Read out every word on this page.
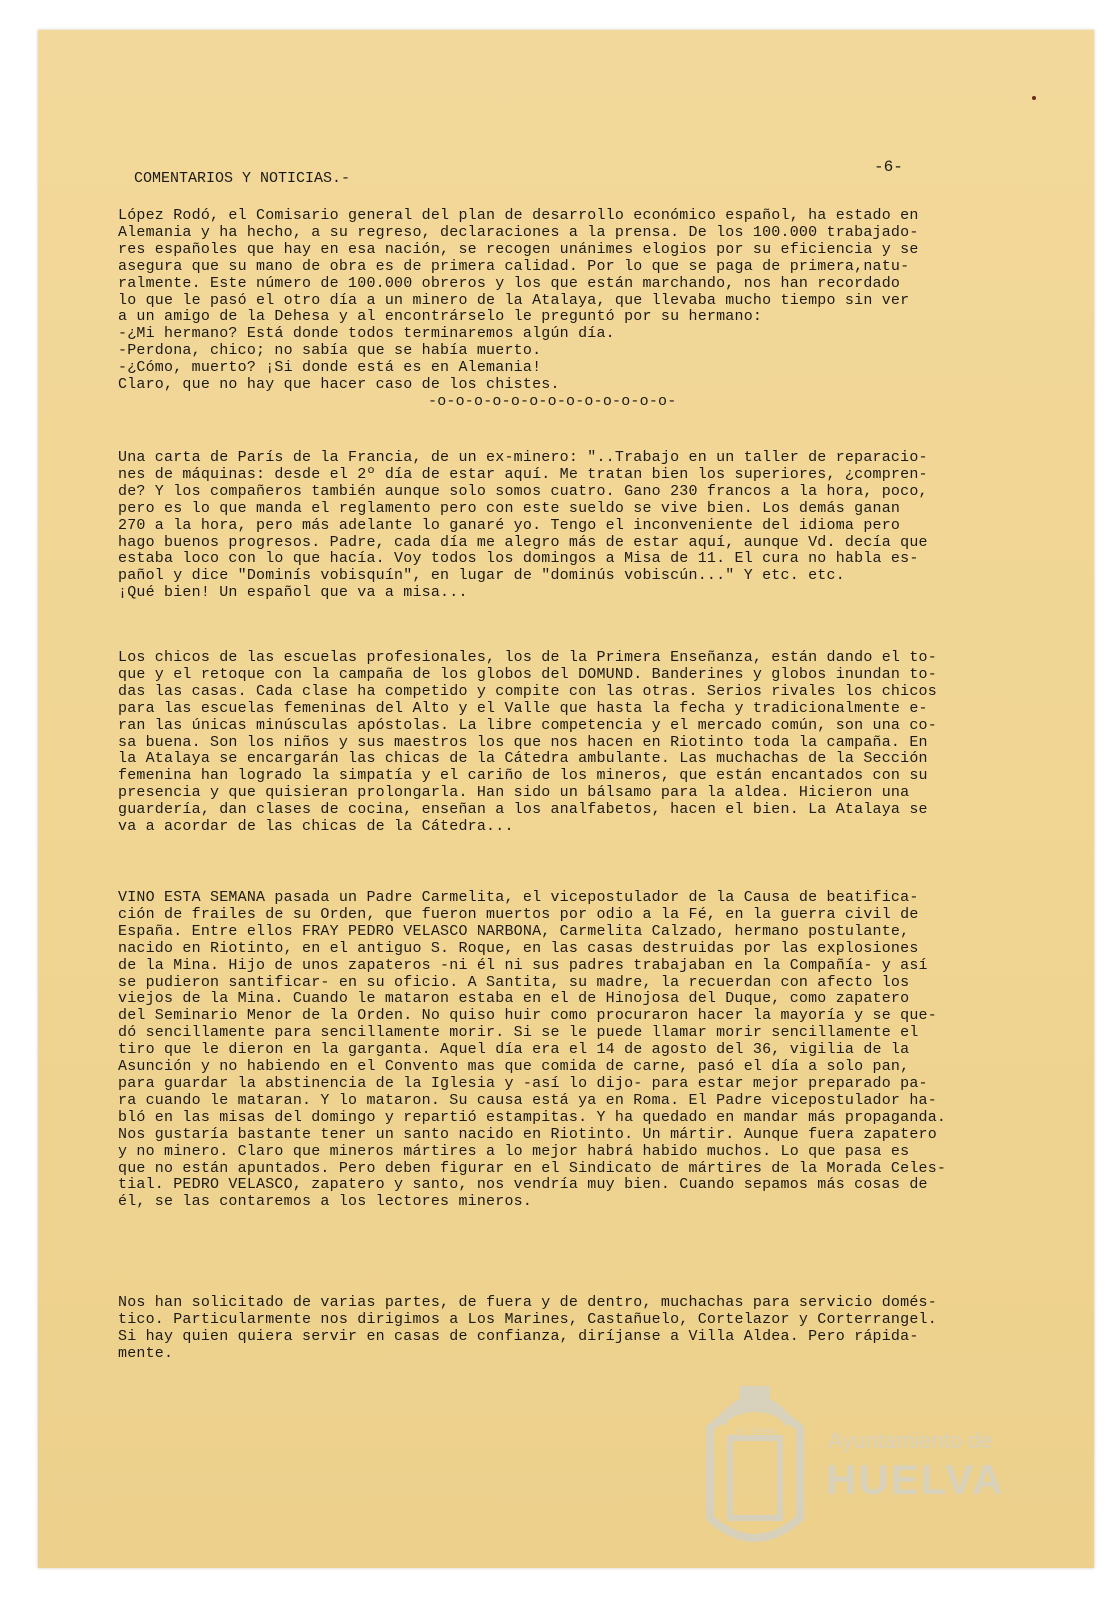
COMENTARIOS Y NOTICIAS.-
-6-
López Rodó, el Comisario general del plan de desarrollo económico español, ha estado en
Alemania y ha hecho, a su regreso, declaraciones a la prensa. De los 100.000 trabajado-
res españoles que hay en esa nación, se recogen unánimes elogios por su eficiencia y se
asegura que su mano de obra es de primera calidad. Por lo que se paga de primera,natu-
ralmente. Este número de 100.000 obreros y los que están marchando, nos han recordado
lo que le pasó el otro día a un minero de la Atalaya, que llevaba mucho tiempo sin ver
a un amigo de la Dehesa y al encontrárselo le preguntó por su hermano:
-¿Mi hermano? Está donde todos terminaremos algún día.
-Perdona, chico; no sabía que se había muerto.
-¿Cómo, muerto? ¡Si donde está es en Alemania!
Claro, que no hay que hacer caso de los chistes.
-o-o-o-o-o-o-o-o-o-o-o-o-o-
Una carta de París de la Francia, de un ex-minero: "..Trabajo en un taller de reparacio-
nes de máquinas: desde el 2º día de estar aquí. Me tratan bien los superiores, ¿compren-
de? Y los compañeros también aunque solo somos cuatro. Gano 230 francos a la hora, poco,
pero es lo que manda el reglamento pero con este sueldo se vive bien. Los demás ganan
270 a la hora, pero más adelante lo ganaré yo. Tengo el inconveniente del idioma pero
hago buenos progresos. Padre, cada día me alegro más de estar aquí, aunque Vd. decía que
estaba loco con lo que hacía. Voy todos los domingos a Misa de 11. El cura no habla es-
pañol y dice "Dominís vobisquín", en lugar de "dominús vobiscún..." Y etc. etc.
¡Qué bien! Un español que va a misa...
Los chicos de las escuelas profesionales, los de la Primera Enseñanza, están dando el to-
que y el retoque con la campaña de los globos del DOMUND. Banderines y globos inundan to-
das las casas. Cada clase ha competido y compite con las otras. Serios rivales los chicos
para las escuelas femeninas del Alto y el Valle que hasta la fecha y tradicionalmente e-
ran las únicas minúsculas apóstolas. La libre competencia y el mercado común, son una co-
sa buena. Son los niños y sus maestros los que nos hacen en Riotinto toda la campaña. En
la Atalaya se encargarán las chicas de la Cátedra ambulante. Las muchachas de la Sección
femenina han logrado la simpatía y el cariño de los mineros, que están encantados con su
presencia y que quisieran prolongarla. Han sido un bálsamo para la aldea. Hicieron una
guardería, dan clases de cocina, enseñan a los analfabetos, hacen el bien. La Atalaya se
va a acordar de las chicas de la Cátedra...
VINO ESTA SEMANA pasada un Padre Carmelita, el vicepostulador de la Causa de beatifica-
ción de frailes de su Orden, que fueron muertos por odio a la Fé, en la guerra civil de
España. Entre ellos FRAY PEDRO VELASCO NARBONA, Carmelita Calzado, hermano postulante,
nacido en Riotinto, en el antiguo S. Roque, en las casas destruidas por las explosiones
de la Mina. Hijo de unos zapateros -ni él ni sus padres trabajaban en la Compañía- y así
se pudieron santificar- en su oficio. A Santita, su madre, la recuerdan con afecto los
viejos de la Mina. Cuando le mataron estaba en el de Hinojosa del Duque, como zapatero
del Seminario Menor de la Orden. No quiso huir como procuraron hacer la mayoría y se que-
dó sencillamente para sencillamente morir. Si se le puede llamar morir sencillamente el
tiro que le dieron en la garganta. Aquel día era el 14 de agosto del 36, vigilia de la
Asunción y no habiendo en el Convento mas que comida de carne, pasó el día a solo pan,
para guardar la abstinencia de la Iglesia y -así lo dijo- para estar mejor preparado pa-
ra cuando le mataran. Y lo mataron. Su causa está ya en Roma. El Padre vicepostulador ha-
bló en las misas del domingo y repartió estampitas. Y ha quedado en mandar más propaganda.
Nos gustaría bastante tener un santo nacido en Riotinto. Un mártir. Aunque fuera zapatero
y no minero. Claro que mineros mártires a lo mejor habrá habido muchos. Lo que pasa es
que no están apuntados. Pero deben figurar en el Sindicato de mártires de la Morada Celes-
tial. PEDRO VELASCO, zapatero y santo, nos vendría muy bien. Cuando sepamos más cosas de
él, se las contaremos a los lectores mineros.
Nos han solicitado de varias partes, de fuera y de dentro, muchachas para servicio domés-
tico. Particularmente nos dirigimos a Los Marines, Castañuelo, Cortelazor y Corterrangel.
Si hay quien quiera servir en casas de confianza, diríjanse a Villa Aldea. Pero rápida-
mente.
ET TERRA Ayuntamiento de
HUELVA
